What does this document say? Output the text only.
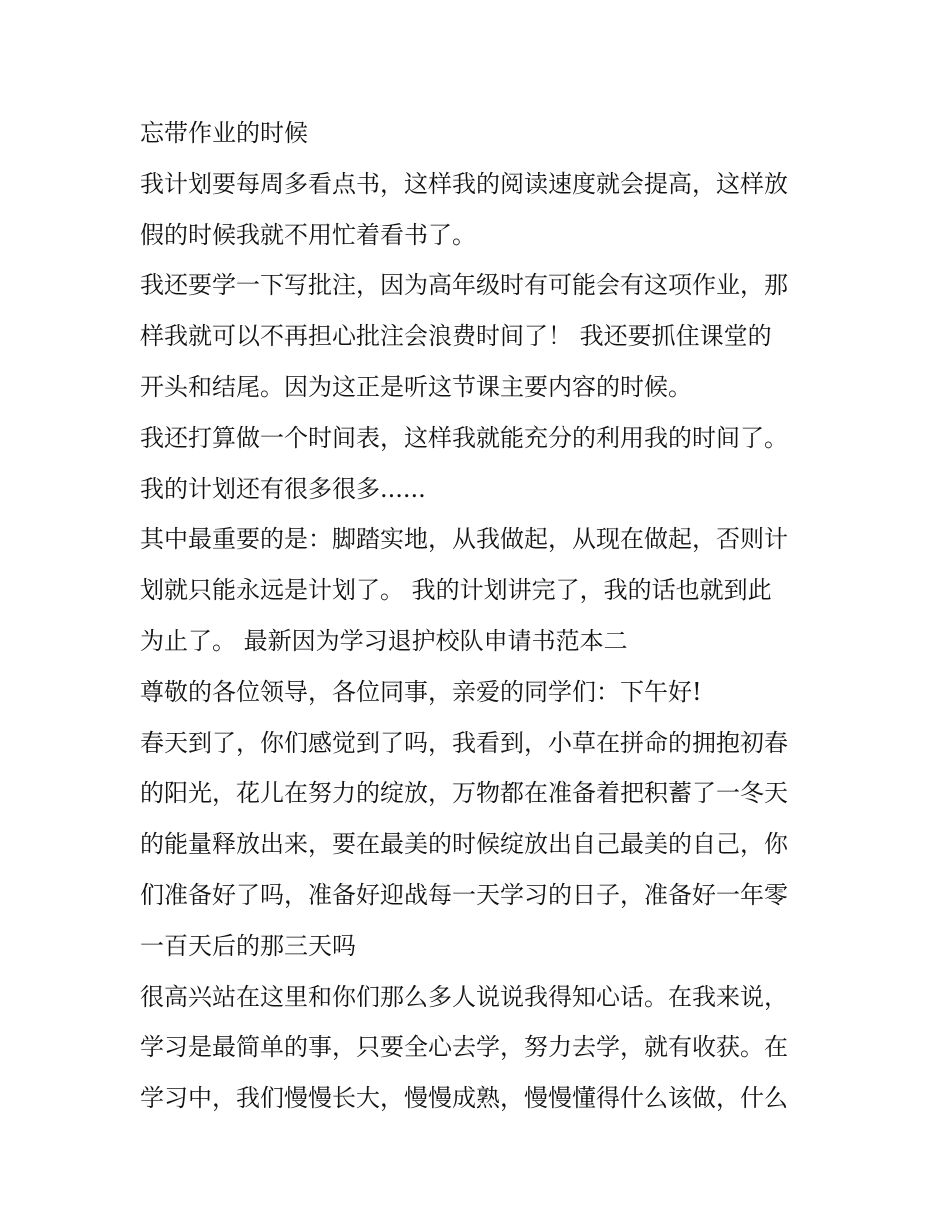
忘带作业的时候
我计划要每周多看点书，这样我的阅读速度就会提高，这样放
假的时候我就不用忙着看书了。
我还要学一下写批注，因为高年级时有可能会有这项作业，那
样我就可以不再担心批注会浪费时间了！ 我还要抓住课堂的
开头和结尾。因为这正是听这节课主要内容的时候。
我还打算做一个时间表，这样我就能充分的利用我的时间了。
我的计划还有很多很多......
其中最重要的是：脚踏实地，从我做起，从现在做起，否则计
划就只能永远是计划了。 我的计划讲完了，我的话也就到此
为止了。 最新因为学习退护校队申请书范本二
尊敬的各位领导，各位同事，亲爱的同学们：下午好!
春天到了，你们感觉到了吗，我看到，小草在拼命的拥抱初春
的阳光，花儿在努力的绽放，万物都在准备着把积蓄了一冬天
的能量释放出来，要在最美的时候绽放出自己最美的自己，你
们准备好了吗，准备好迎战每一天学习的日子，准备好一年零
一百天后的那三天吗
很高兴站在这里和你们那么多人说说我得知心话。在我来说，
学习是最简单的事，只要全心去学，努力去学，就有收获。在
学习中，我们慢慢长大，慢慢成熟，慢慢懂得什么该做，什么
